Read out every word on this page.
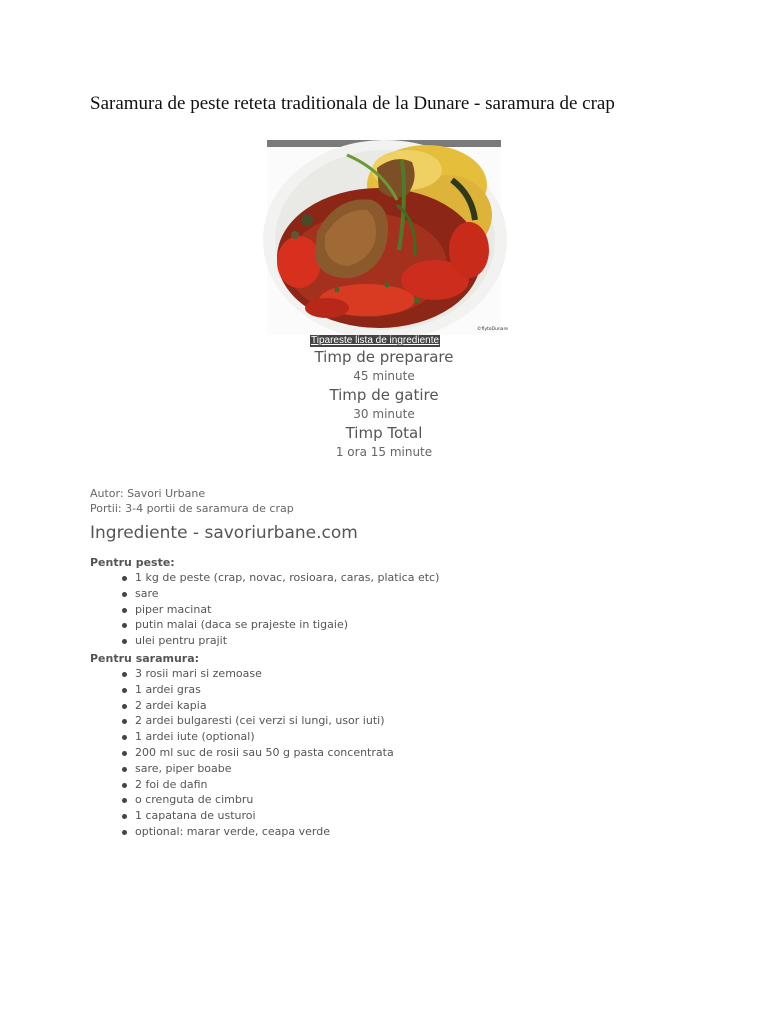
Saramura de peste reteta traditionala de la Dunare - saramura de crap
©flytoDunare
Tipareste lista de ingrediente
Timp de preparare
45 minute
Timp de gatire
30 minute
Timp Total
1 ora 15 minute
Autor: Savori Urbane
Portii: 3-4 portii de saramura de crap
Ingrediente - savoriurbane.com
Pentru peste:
1 kg de peste (crap, novac, rosioara, caras, platica etc)
sare
piper macinat
putin malai (daca se prajeste in tigaie)
ulei pentru prajit
Pentru saramura:
3 rosii mari si zemoase
1 ardei gras
2 ardei kapia
2 ardei bulgaresti (cei verzi si lungi, usor iuti)
1 ardei iute (optional)
200 ml suc de rosii sau 50 g pasta concentrata
sare, piper boabe
2 foi de dafin
o crenguta de cimbru
1 capatana de usturoi
optional: marar verde, ceapa verde
